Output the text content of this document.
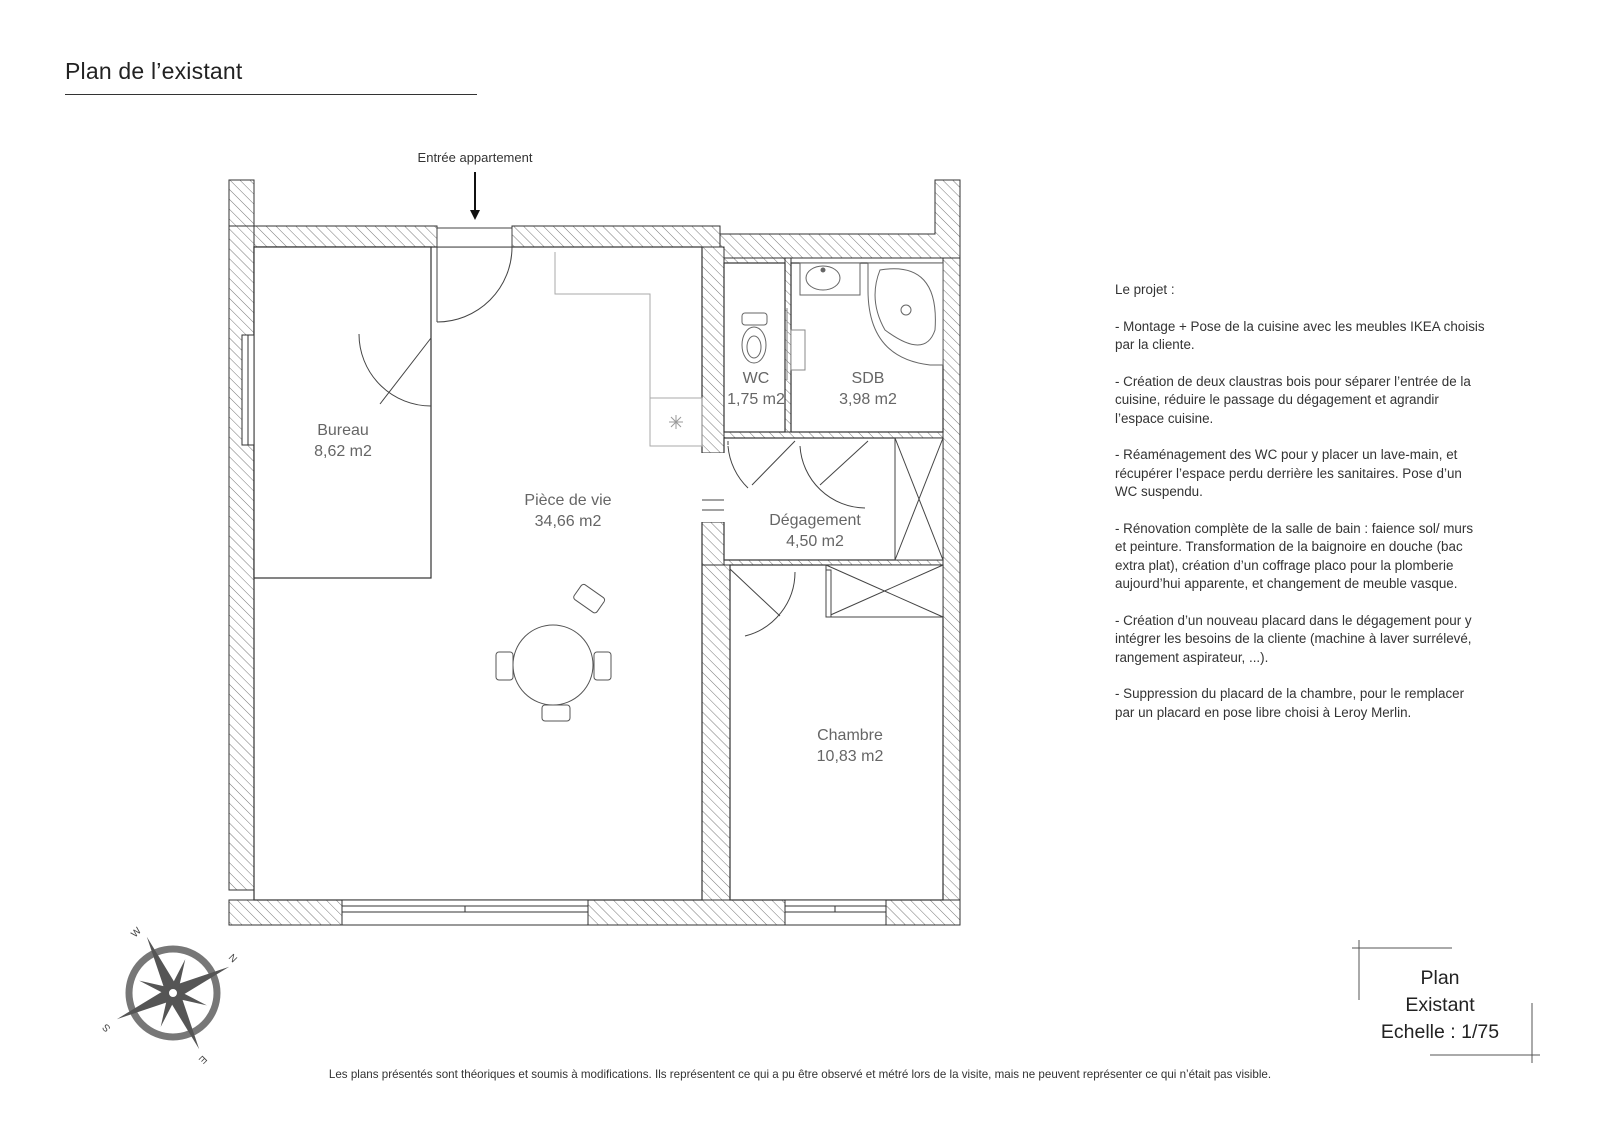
Plan de l’existant
Entrée appartement
Bureau
8,62 m2
Pièce de vie
34,66 m2
WC
1,75 m2
SDB
3,98 m2
Dégagement
4,50 m2
Chambre
10,83 m2
W
N
S
E

Le projet :

- Montage + Pose de la cuisine avec les meubles IKEA choisis par la cliente.

- Création de deux claustras bois pour séparer l’entrée de la cuisine, réduire le passage du dégagement et agrandir l’espace cuisine.

- Réaménagement des WC pour y placer un lave-main, et récupérer l’espace perdu derrière les sanitaires. Pose d’un WC suspendu.

- Rénovation complète de la salle de bain : faience sol/ murs et peinture. Transformation de la baignoire en douche (bac extra plat), création d’un coffrage placo pour la plomberie aujourd’hui apparente, et changement de meuble vasque.

- Création d’un nouveau placard dans le dégagement pour y intégrer les besoins de la cliente (machine à laver surrélevé, rangement aspirateur, ...).

- Suppression du placard de la chambre, pour le remplacer par un placard en pose libre choisi à Leroy Merlin.

Plan
Existant
Echelle : 1/75
Les plans présentés sont théoriques et soumis à modifications. Ils représentent ce qui a pu être observé et métré lors de la visite, mais ne peuvent représenter ce qui n’était pas visible.
